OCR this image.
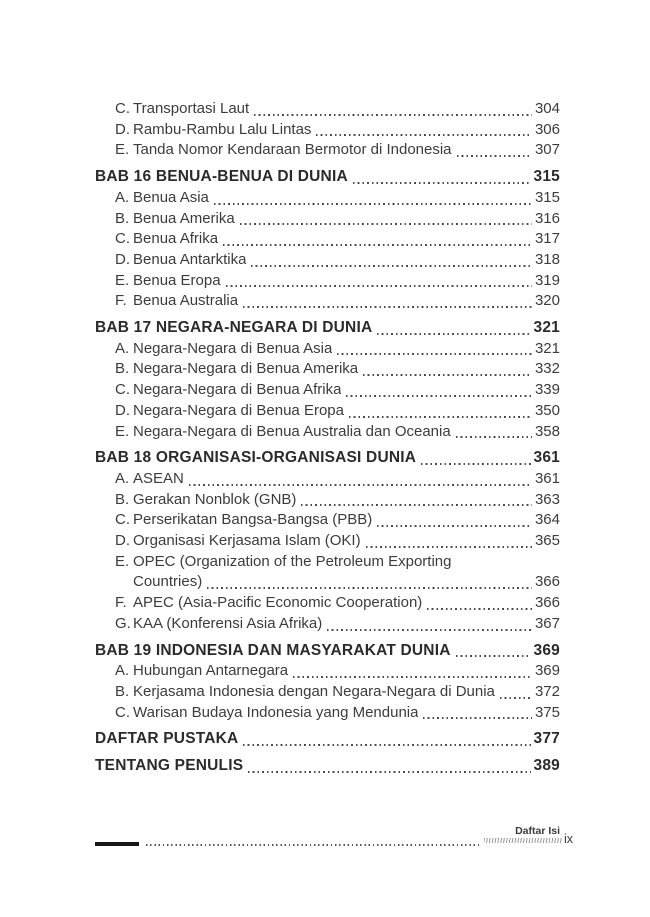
C. Transportasi Laut	304
D. Rambu-Rambu Lalu Lintas	306
E. Tanda Nomor Kendaraan Bermotor di Indonesia	307
BAB 16 BENUA-BENUA DI DUNIA	315
A. Benua Asia	315
B. Benua Amerika	316
C. Benua Afrika	317
D. Benua Antarktika	318
E. Benua Eropa	319
F. Benua Australia	320
BAB 17 NEGARA-NEGARA DI DUNIA	321
A. Negara-Negara di Benua Asia	321
B. Negara-Negara di Benua Amerika	332
C. Negara-Negara di Benua Afrika	339
D. Negara-Negara di Benua Eropa	350
E. Negara-Negara di Benua Australia dan Oceania	358
BAB 18 ORGANISASI-ORGANISASI DUNIA	361
A. ASEAN	361
B. Gerakan Nonblok (GNB)	363
C. Perserikatan Bangsa-Bangsa (PBB)	364
D. Organisasi Kerjasama Islam (OKI)	365
E. OPEC (Organization of the Petroleum Exporting
Countries)	366
F. APEC (Asia-Pacific Economic Cooperation)	366
G. KAA (Konferensi Asia Afrika)	367
BAB 19 INDONESIA DAN MASYARAKAT DUNIA	369
A. Hubungan Antarnegara	369
B. Kerjasama Indonesia dengan Negara-Negara di Dunia	372
C. Warisan Budaya Indonesia yang Mendunia	375
DAFTAR PUSTAKA	377
TENTANG PENULIS	389
Daftar Isi
ix
